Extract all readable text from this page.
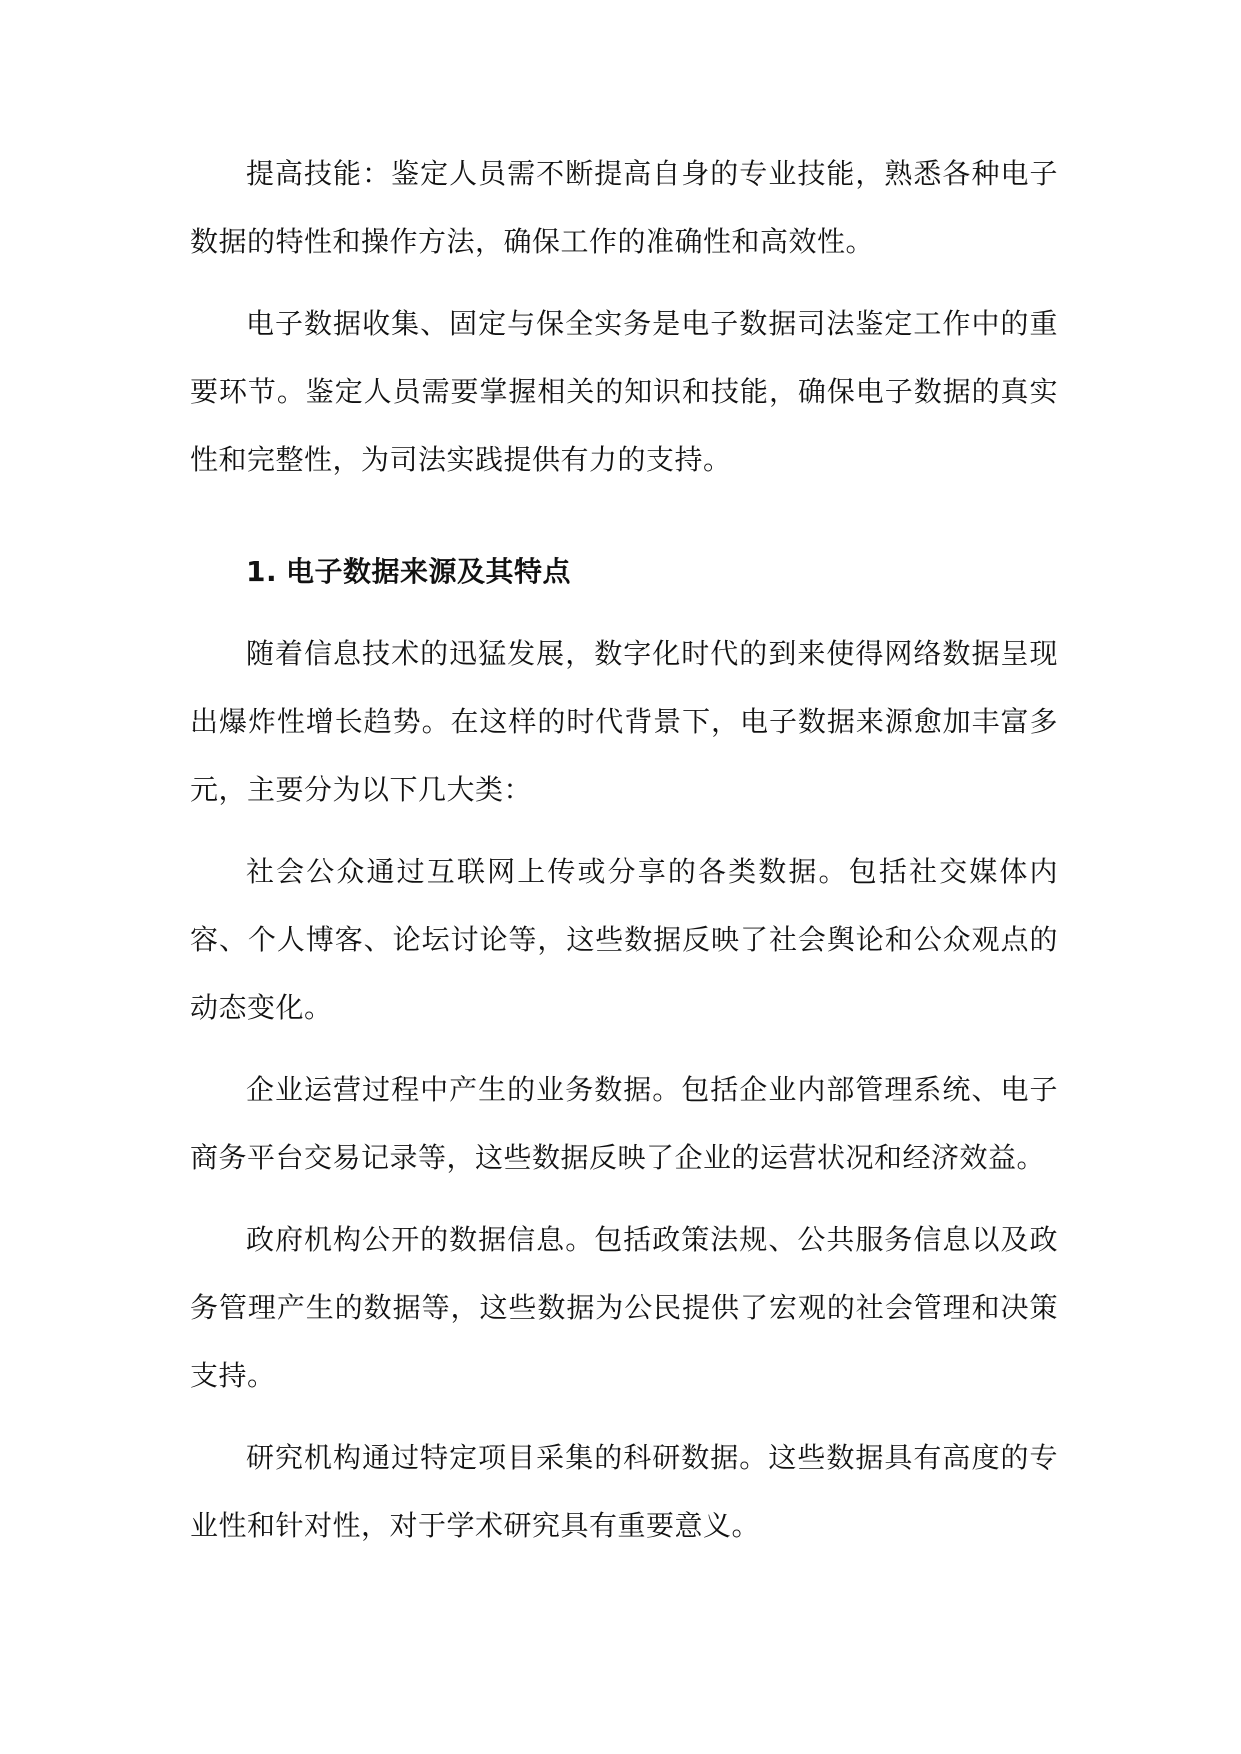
提高技能：鉴定人员需不断提高自身的专业技能，熟悉各种电子数据的特性和操作方法，确保工作的准确性和高效性。

电子数据收集、固定与保全实务是电子数据司法鉴定工作中的重要环节。鉴定人员需要掌握相关的知识和技能，确保电子数据的真实性和完整性，为司法实践提供有力的支持。

1. 电子数据来源及其特点

随着信息技术的迅猛发展，数字化时代的到来使得网络数据呈现出爆炸性增长趋势。在这样的时代背景下，电子数据来源愈加丰富多元，主要分为以下几大类：

社会公众通过互联网上传或分享的各类数据。包括社交媒体内容、个人博客、论坛讨论等，这些数据反映了社会舆论和公众观点的动态变化。

企业运营过程中产生的业务数据。包括企业内部管理系统、电子商务平台交易记录等，这些数据反映了企业的运营状况和经济效益。

政府机构公开的数据信息。包括政策法规、公共服务信息以及政务管理产生的数据等，这些数据为公民提供了宏观的社会管理和决策支持。

研究机构通过特定项目采集的科研数据。这些数据具有高度的专业性和针对性，对于学术研究具有重要意义。
